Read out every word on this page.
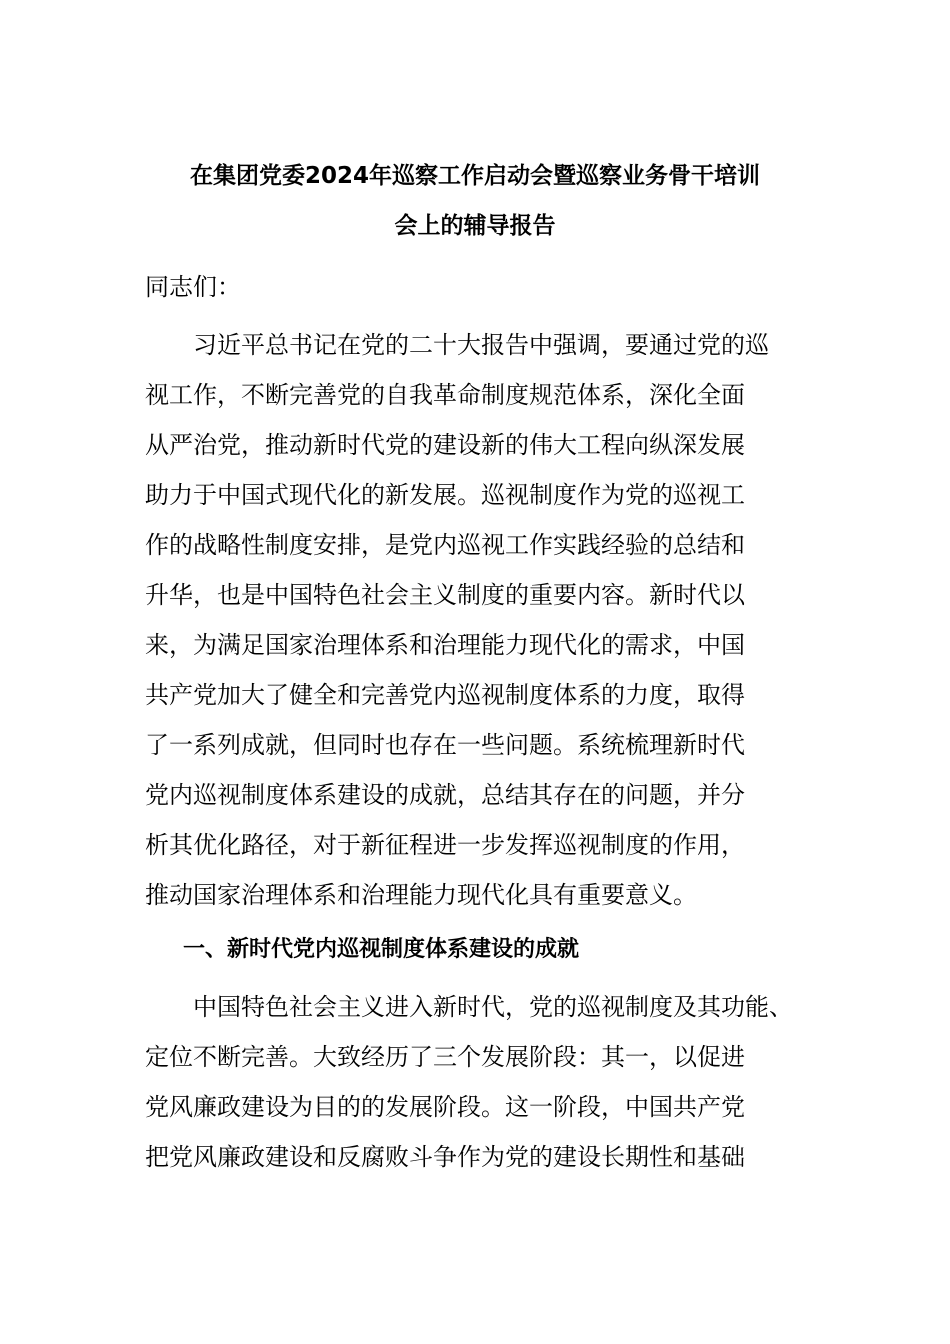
在集团党委2024年巡察工作启动会暨巡察业务骨干培训
会上的辅导报告
同志们：
　　习近平总书记在党的二十大报告中强调，要通过党的巡
视工作，不断完善党的自我革命制度规范体系，深化全面
从严治党，推动新时代党的建设新的伟大工程向纵深发展
助力于中国式现代化的新发展。巡视制度作为党的巡视工
作的战略性制度安排，是党内巡视工作实践经验的总结和
升华，也是中国特色社会主义制度的重要内容。新时代以
来，为满足国家治理体系和治理能力现代化的需求，中国
共产党加大了健全和完善党内巡视制度体系的力度，取得
了一系列成就，但同时也存在一些问题。系统梳理新时代
党内巡视制度体系建设的成就，总结其存在的问题，并分
析其优化路径，对于新征程进一步发挥巡视制度的作用，
推动国家治理体系和治理能力现代化具有重要意义。
一、新时代党内巡视制度体系建设的成就
　　中国特色社会主义进入新时代，党的巡视制度及其功能、
定位不断完善。大致经历了三个发展阶段：其一，以促进
党风廉政建设为目的的发展阶段。这一阶段，中国共产党
把党风廉政建设和反腐败斗争作为党的建设长期性和基础
